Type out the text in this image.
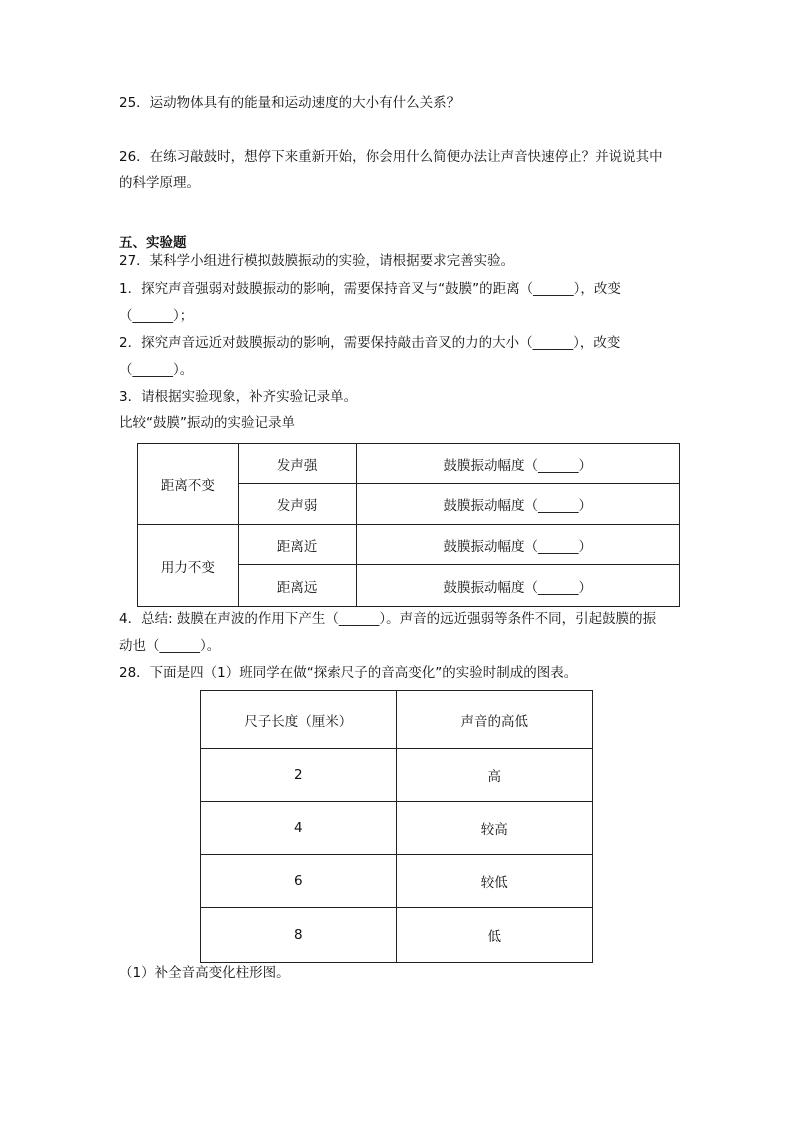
25．运动物体具有的能量和运动速度的大小有什么关系？
26．在练习敲鼓时，想停下来重新开始，你会用什么简便办法让声音快速停止？并说说其中
的科学原理。
五、实验题
27．某科学小组进行模拟鼓膜振动的实验，请根据要求完善实验。
1．探究声音强弱对鼓膜振动的影响，需要保持音叉与“鼓膜”的距离（______），改变
（______）；
2．探究声音远近对鼓膜振动的影响，需要保持敲击音叉的力的大小（______），改变
（______）。
3．请根据实验现象，补齐实验记录单。
比较“鼓膜”振动的实验记录单
距离不变	发声强	鼓膜振动幅度（______）
	发声弱	鼓膜振动幅度（______）
用力不变	距离近	鼓膜振动幅度（______）
	距离远	鼓膜振动幅度（______）
4．总结: 鼓膜在声波的作用下产生（______）。声音的远近强弱等条件不同，引起鼓膜的振
动也（______）。
28．下面是四（1）班同学在做“探索尺子的音高变化”的实验时制成的图表。
尺子长度（厘米）	声音的高低
2	高
4	较高
6	较低
8	低
（1）补全音高变化柱形图。
